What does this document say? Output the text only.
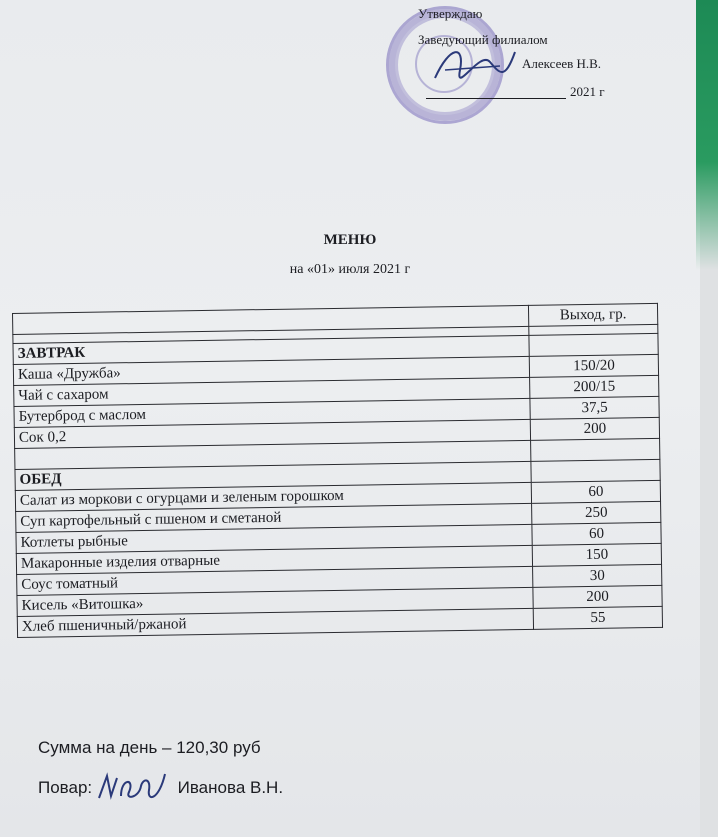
Утверждаю
Заведующий филиалом
Алексеев Н.В.
2021 г
МЕНЮ
на «01» июля 2021 г
	Выход, гр.

ЗАВТРАК	
Каша «Дружба»	150/20
Чай с сахаром	200/15
Бутерброд с маслом	37,5
Сок 0,2	200

ОБЕД	
Салат из моркови с огурцами и зеленым горошком	60
Суп картофельный с пшеном и сметаной	250
Котлеты рыбные	60
Макаронные изделия отварные	150
Соус томатный	30
Кисель «Витошка»	200
Хлеб пшеничный/ржаной	55
Сумма на день – 120,30 руб
Повар:	Иванова В.Н.
